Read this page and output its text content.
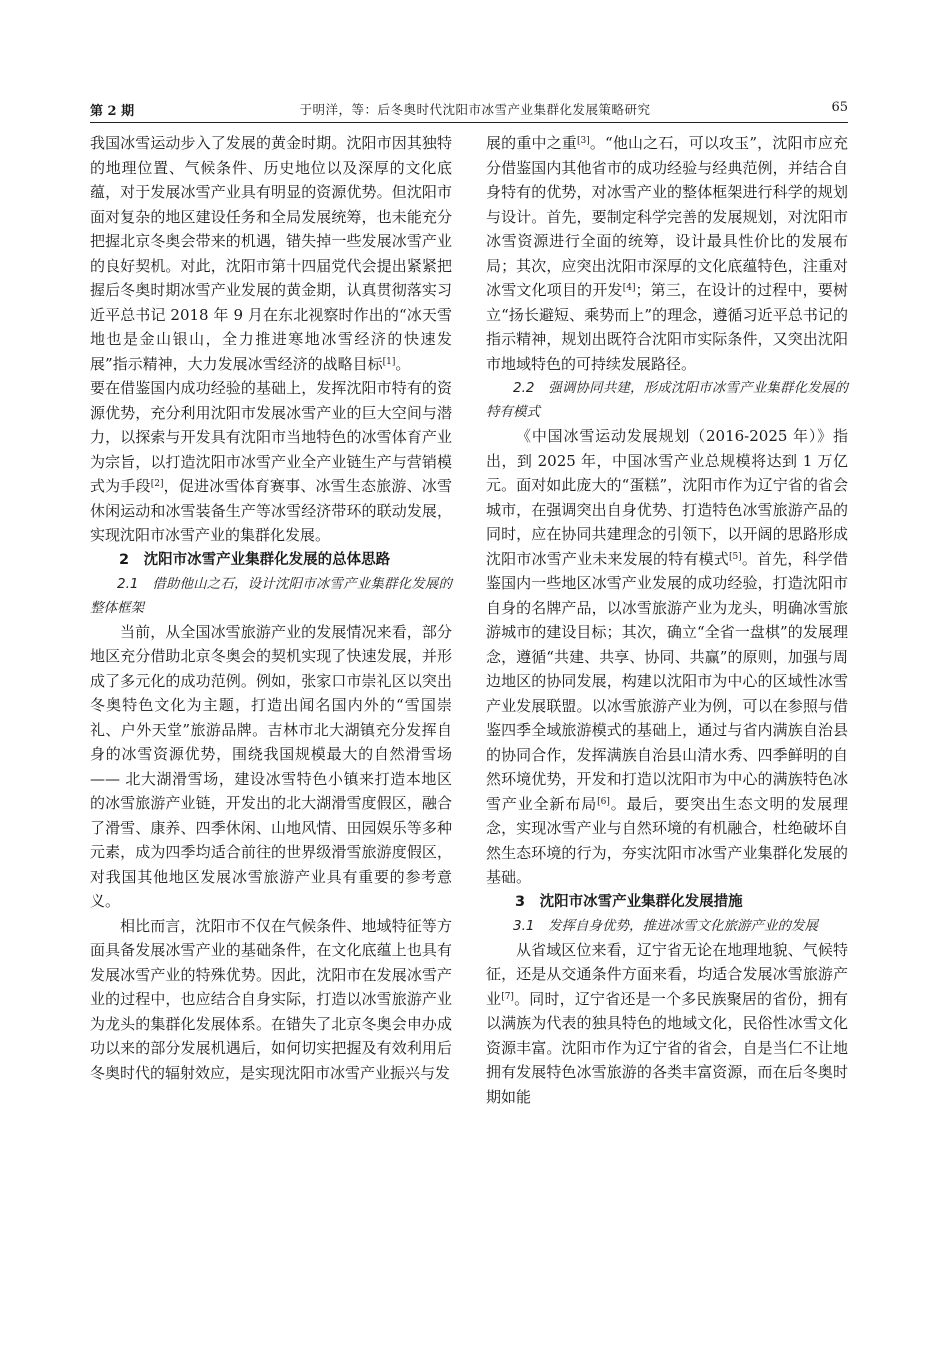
第 2 期	于明洋，等：后冬奥时代沈阳市冰雪产业集群化发展策略研究	65

我国冰雪运动步入了发展的黄金时期。沈阳市因其独特的地理位置、气候条件、历史地位以及深厚的文化底蕴，对于发展冰雪产业具有明显的资源优势。但沈阳市面对复杂的地区建设任务和全局发展统筹，也未能充分把握北京冬奥会带来的机遇，错失掉一些发展冰雪产业的良好契机。对此，沈阳市第十四届党代会提出紧紧把握后冬奥时期冰雪产业发展的黄金期，认真贯彻落实习近平总书记 2018 年 9 月在东北视察时作出的“冰天雪地也是金山银山，全力推进寒地冰雪经济的快速发展”指示精神，大力发展冰雪经济的战略目标[1]。

要在借鉴国内成功经验的基础上，发挥沈阳市特有的资源优势，充分利用沈阳市发展冰雪产业的巨大空间与潜力，以探索与开发具有沈阳市当地特色的冰雪体育产业为宗旨，以打造沈阳市冰雪产业全产业链生产与营销模式为手段[2]，促进冰雪体育赛事、冰雪生态旅游、冰雪休闲运动和冰雪装备生产等冰雪经济带环的联动发展，实现沈阳市冰雪产业的集群化发展。

2　沈阳市冰雪产业集群化发展的总体思路

2.1　借助他山之石，设计沈阳市冰雪产业集群化发展的整体框架

当前，从全国冰雪旅游产业的发展情况来看，部分地区充分借助北京冬奥会的契机实现了快速发展，并形成了多元化的成功范例。例如，张家口市崇礼区以突出冬奥特色文化为主题，打造出闻名国内外的“雪国崇礼、户外天堂”旅游品牌。吉林市北大湖镇充分发挥自身的冰雪资源优势，围绕我国规模最大的自然滑雪场 —— 北大湖滑雪场，建设冰雪特色小镇来打造本地区的冰雪旅游产业链，开发出的北大湖滑雪度假区，融合了滑雪、康养、四季休闲、山地风情、田园娱乐等多种元素，成为四季均适合前往的世界级滑雪旅游度假区，对我国其他地区发展冰雪旅游产业具有重要的参考意义。

相比而言，沈阳市不仅在气候条件、地域特征等方面具备发展冰雪产业的基础条件，在文化底蕴上也具有发展冰雪产业的特殊优势。因此，沈阳市在发展冰雪产业的过程中，也应结合自身实际，打造以冰雪旅游产业为龙头的集群化发展体系。在错失了北京冬奥会申办成功以来的部分发展机遇后，如何切实把握及有效利用后冬奥时代的辐射效应，是实现沈阳市冰雪产业振兴与发

展的重中之重[3]。“他山之石，可以攻玉”，沈阳市应充分借鉴国内其他省市的成功经验与经典范例，并结合自身特有的优势，对冰雪产业的整体框架进行科学的规划与设计。首先，要制定科学完善的发展规划，对沈阳市冰雪资源进行全面的统筹，设计最具性价比的发展布局；其次，应突出沈阳市深厚的文化底蕴特色，注重对冰雪文化项目的开发[4]；第三，在设计的过程中，要树立“扬长避短、乘势而上”的理念，遵循习近平总书记的指示精神，规划出既符合沈阳市实际条件，又突出沈阳市地域特色的可持续发展路径。

2.2　强调协同共建，形成沈阳市冰雪产业集群化发展的特有模式

《中国冰雪运动发展规划（2016-2025 年）》指出，到 2025 年，中国冰雪产业总规模将达到 1 万亿元。面对如此庞大的“蛋糕”，沈阳市作为辽宁省的省会城市，在强调突出自身优势、打造特色冰雪旅游产品的同时，应在协同共建理念的引领下，以开阔的思路形成沈阳市冰雪产业未来发展的特有模式[5]。首先，科学借鉴国内一些地区冰雪产业发展的成功经验，打造沈阳市自身的名牌产品，以冰雪旅游产业为龙头，明确冰雪旅游城市的建设目标；其次，确立“全省一盘棋”的发展理念，遵循“共建、共享、协同、共赢”的原则，加强与周边地区的协同发展，构建以沈阳市为中心的区域性冰雪产业发展联盟。以冰雪旅游产业为例，可以在参照与借鉴四季全域旅游模式的基础上，通过与省内满族自治县的协同合作，发挥满族自治县山清水秀、四季鲜明的自然环境优势，开发和打造以沈阳市为中心的满族特色冰雪产业全新布局[6]。最后，要突出生态文明的发展理念，实现冰雪产业与自然环境的有机融合，杜绝破坏自然生态环境的行为，夯实沈阳市冰雪产业集群化发展的基础。

3　沈阳市冰雪产业集群化发展措施

3.1　发挥自身优势，推进冰雪文化旅游产业的发展

从省域区位来看，辽宁省无论在地理地貌、气候特征，还是从交通条件方面来看，均适合发展冰雪旅游产业[7]。同时，辽宁省还是一个多民族聚居的省份，拥有以满族为代表的独具特色的地域文化，民俗性冰雪文化资源丰富。沈阳市作为辽宁省的省会，自是当仁不让地拥有发展特色冰雪旅游的各类丰富资源，而在后冬奥时期如能
